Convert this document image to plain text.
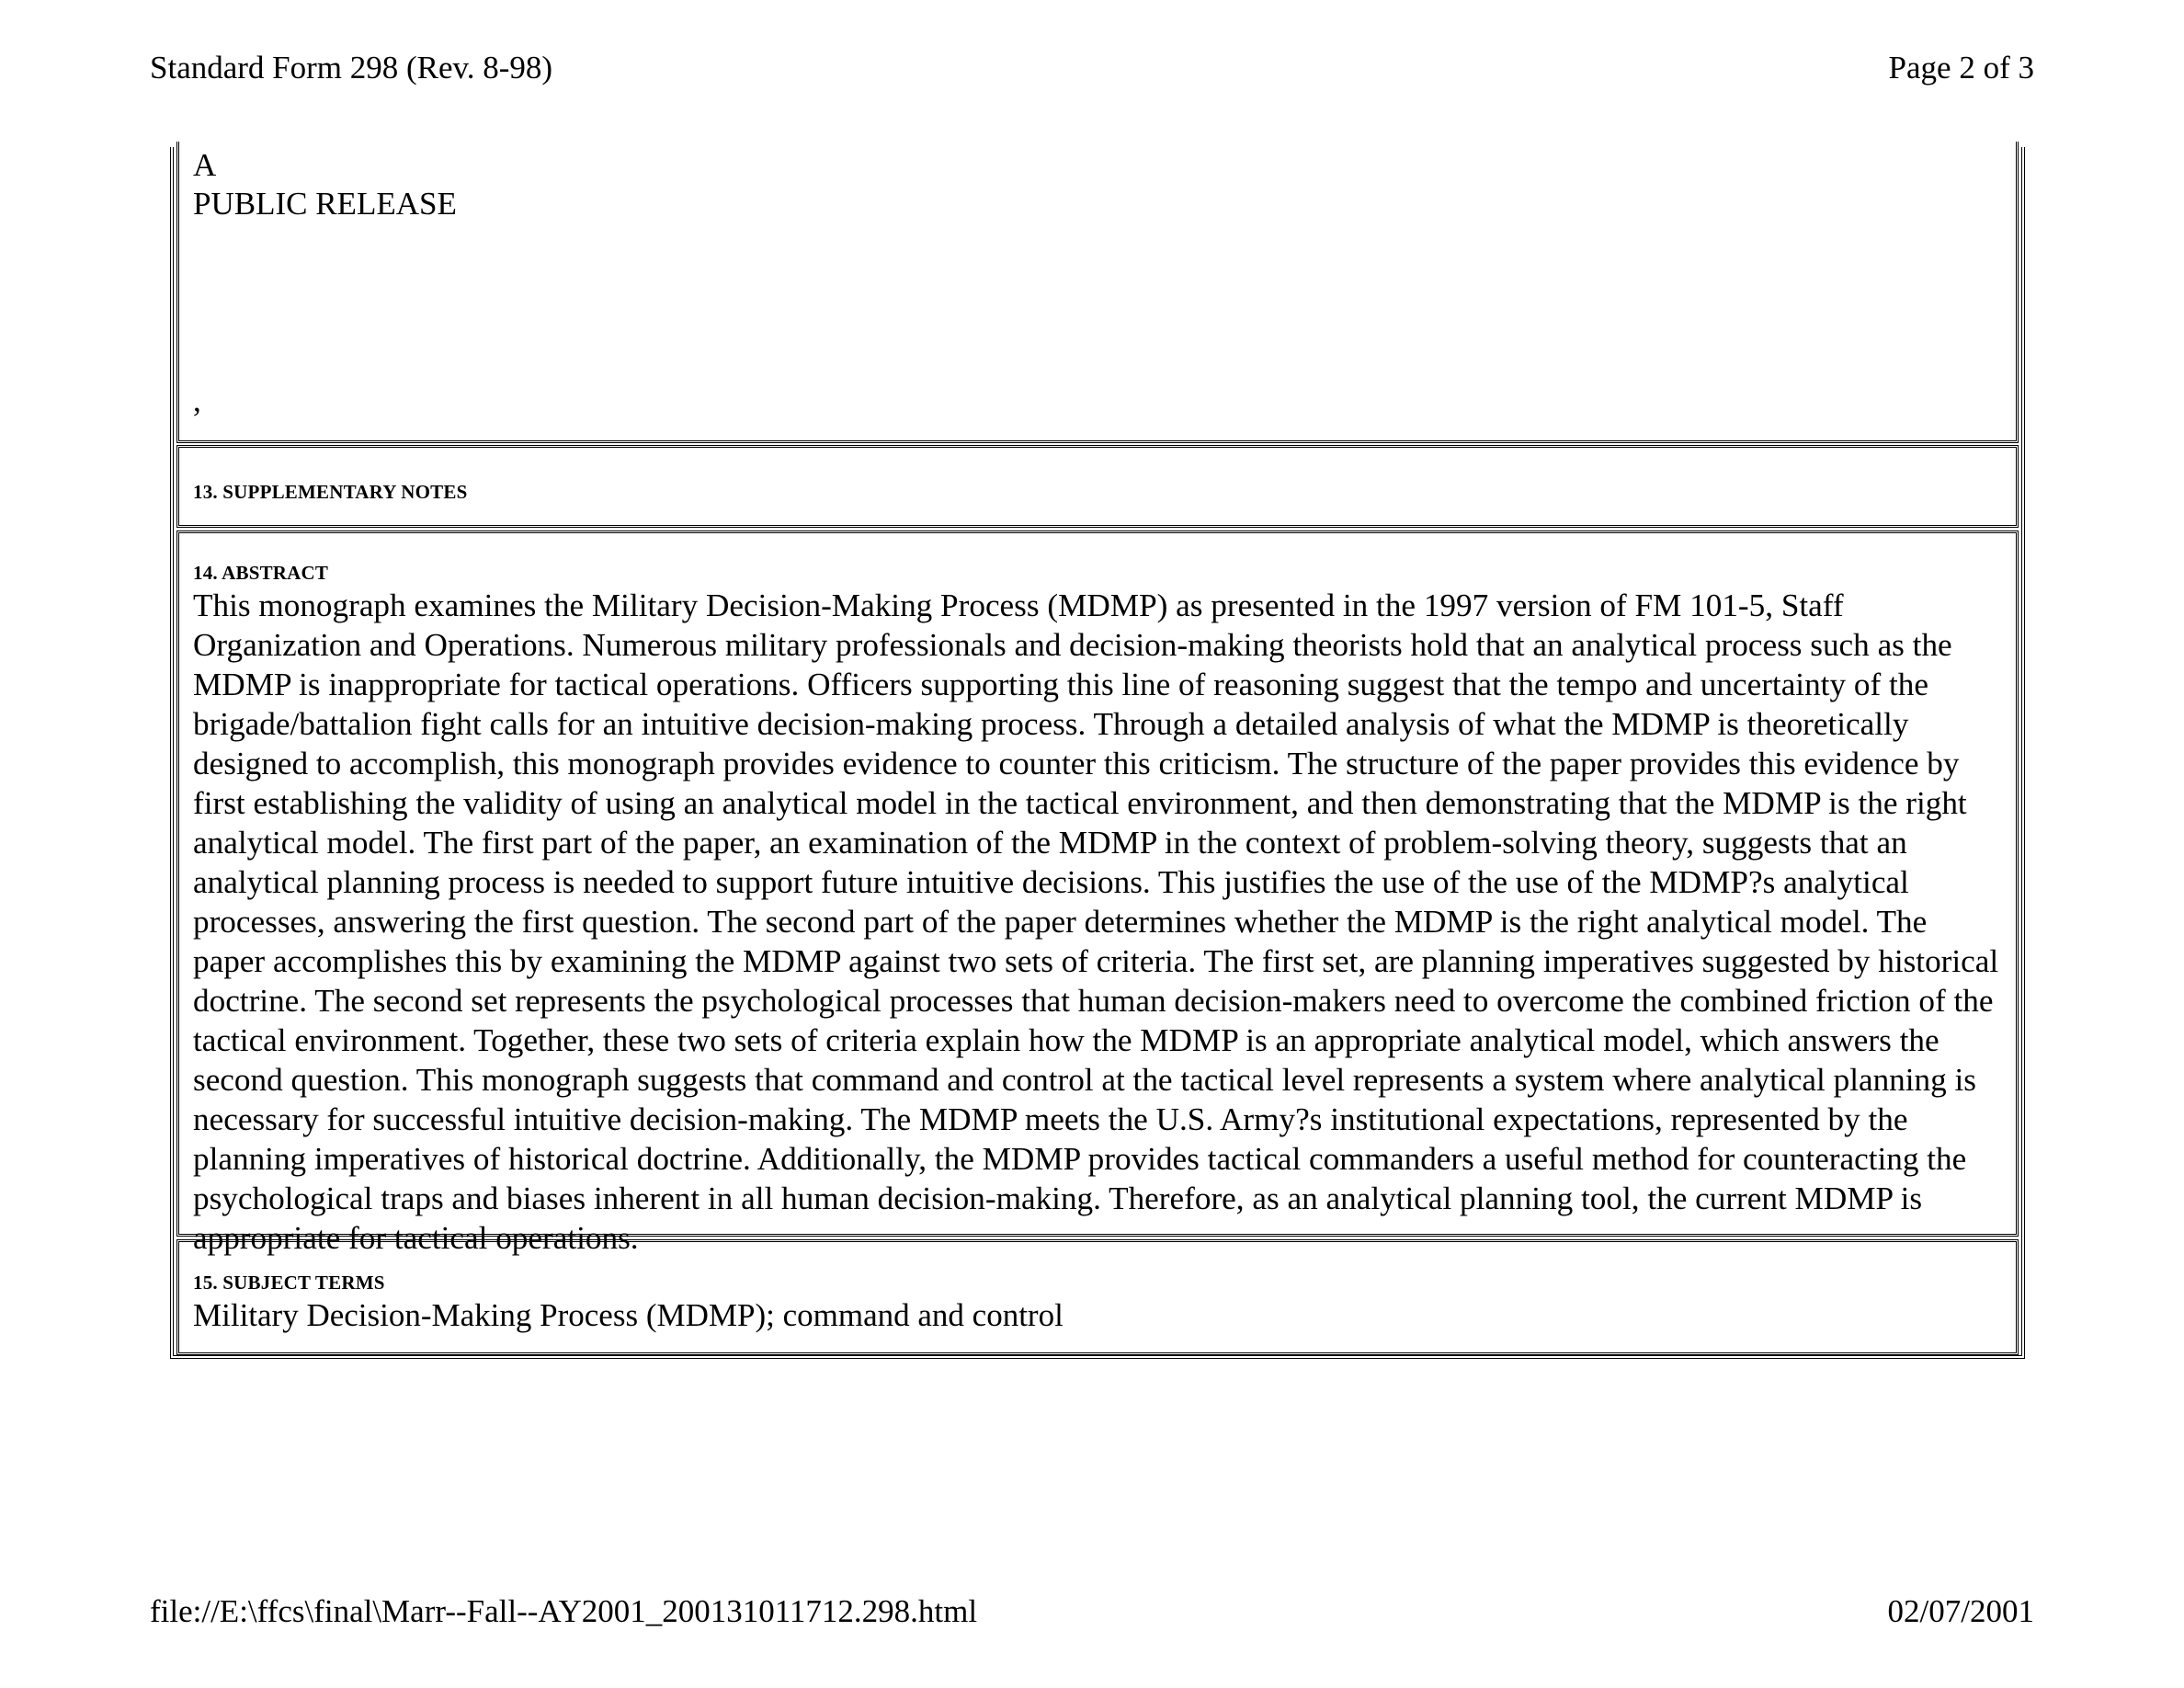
Standard Form 298 (Rev. 8-98)	Page 2 of 3
A
PUBLIC RELEASE
,
13. SUPPLEMENTARY NOTES
14. ABSTRACT
This monograph examines the Military Decision-Making Process (MDMP) as presented in the 1997 version of FM 101-5, Staff Organization and Operations. Numerous military professionals and decision-making theorists hold that an analytical process such as the MDMP is inappropriate for tactical operations. Officers supporting this line of reasoning suggest that the tempo and uncertainty of the brigade/battalion fight calls for an intuitive decision-making process. Through a detailed analysis of what the MDMP is theoretically designed to accomplish, this monograph provides evidence to counter this criticism. The structure of the paper provides this evidence by first establishing the validity of using an analytical model in the tactical environment, and then demonstrating that the MDMP is the right analytical model. The first part of the paper, an examination of the MDMP in the context of problem-solving theory, suggests that an analytical planning process is needed to support future intuitive decisions. This justifies the use of the use of the MDMP?s analytical processes, answering the first question. The second part of the paper determines whether the MDMP is the right analytical model. The paper accomplishes this by examining the MDMP against two sets of criteria. The first set, are planning imperatives suggested by historical doctrine. The second set represents the psychological processes that human decision-makers need to overcome the combined friction of the tactical environment. Together, these two sets of criteria explain how the MDMP is an appropriate analytical model, which answers the second question. This monograph suggests that command and control at the tactical level represents a system where analytical planning is necessary for successful intuitive decision-making. The MDMP meets the U.S. Army?s institutional expectations, represented by the planning imperatives of historical doctrine. Additionally, the MDMP provides tactical commanders a useful method for counteracting the psychological traps and biases inherent in all human decision-making. Therefore, as an analytical planning tool, the current MDMP is appropriate for tactical operations.
15. SUBJECT TERMS
Military Decision-Making Process (MDMP); command and control
file://E:\ffcs\final\Marr--Fall--AY2001_200131011712.298.html	02/07/2001
